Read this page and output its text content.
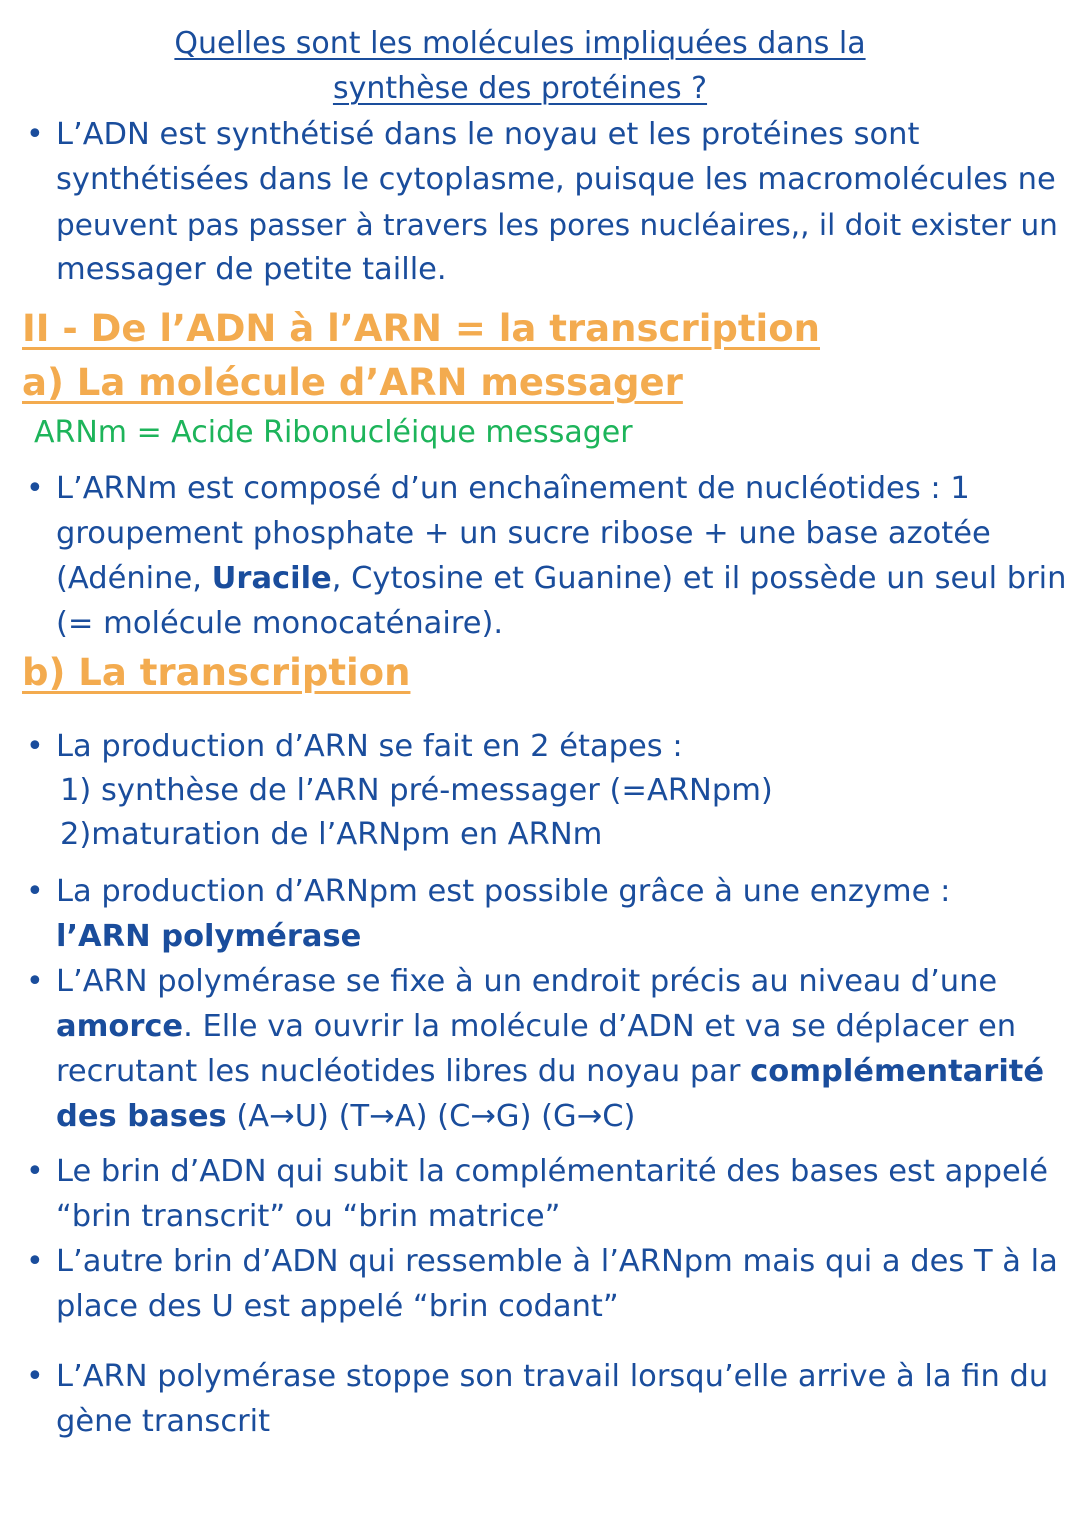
Quelles sont les molécules impliquées dans la
synthèse des protéines ?
• L’ADN est synthétisé dans le noyau et les protéines sont
synthétisées dans le cytoplasme, puisque les macromolécules ne
peuvent pas passer à travers les pores nucléaires,, il doit exister un
messager de petite taille.
II - De l’ADN à l’ARN = la transcription
a) La molécule d’ARN messager
ARNm = Acide Ribonucléique messager
• L’ARNm est composé d’un enchaînement de nucléotides : 1
groupement phosphate + un sucre ribose + une base azotée
(Adénine, Uracile, Cytosine et Guanine) et il possède un seul brin
(= molécule monocaténaire).
b) La transcription
• La production d’ARN se fait en 2 étapes :
1) synthèse de l’ARN pré-messager (=ARNpm)
2)maturation de l’ARNpm en ARNm
• La production d’ARNpm est possible grâce à une enzyme :
l’ARN polymérase
• L’ARN polymérase se fixe à un endroit précis au niveau d’une
amorce. Elle va ouvrir la molécule d’ADN et va se déplacer en
recrutant les nucléotides libres du noyau par complémentarité
des bases (A→U) (T→A) (C→G) (G→C)
• Le brin d’ADN qui subit la complémentarité des bases est appelé
“brin transcrit” ou “brin matrice”
• L’autre brin d’ADN qui ressemble à l’ARNpm mais qui a des T à la
place des U est appelé “brin codant”
• L’ARN polymérase stoppe son travail lorsqu’elle arrive à la fin du
gène transcrit
